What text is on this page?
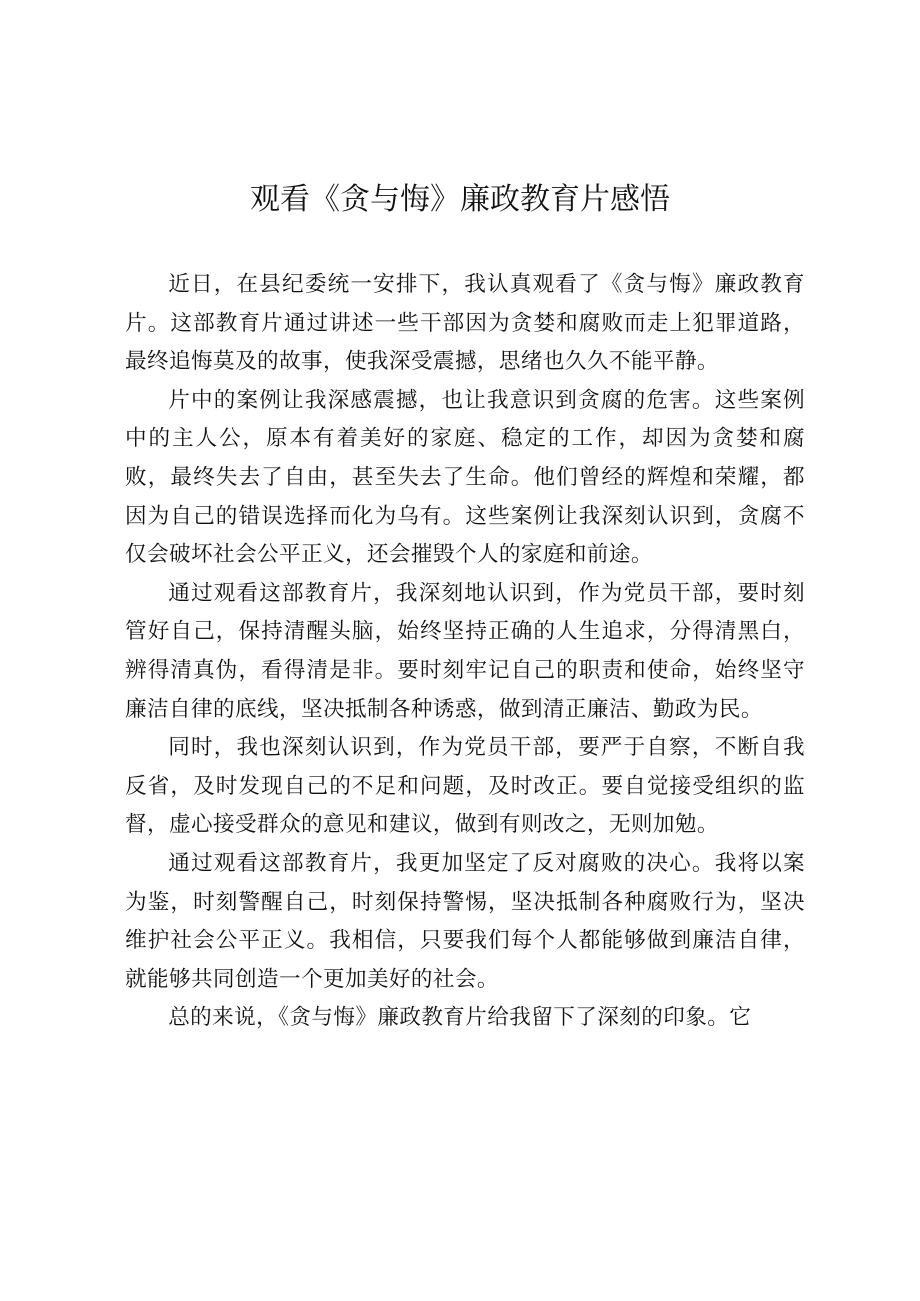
观看《贪与悔》廉政教育片感悟

近日，在县纪委统一安排下，我认真观看了《贪与悔》廉政教育片。这部教育片通过讲述一些干部因为贪婪和腐败而走上犯罪道路，最终追悔莫及的故事，使我深受震撼，思绪也久久不能平静。

片中的案例让我深感震撼，也让我意识到贪腐的危害。这些案例中的主人公，原本有着美好的家庭、稳定的工作，却因为贪婪和腐败，最终失去了自由，甚至失去了生命。他们曾经的辉煌和荣耀，都因为自己的错误选择而化为乌有。这些案例让我深刻认识到，贪腐不仅会破坏社会公平正义，还会摧毁个人的家庭和前途。

通过观看这部教育片，我深刻地认识到，作为党员干部，要时刻管好自己，保持清醒头脑，始终坚持正确的人生追求，分得清黑白，辨得清真伪，看得清是非。要时刻牢记自己的职责和使命，始终坚守廉洁自律的底线，坚决抵制各种诱惑，做到清正廉洁、勤政为民。

同时，我也深刻认识到，作为党员干部，要严于自察，不断自我反省，及时发现自己的不足和问题，及时改正。要自觉接受组织的监督，虚心接受群众的意见和建议，做到有则改之，无则加勉。

通过观看这部教育片，我更加坚定了反对腐败的决心。我将以案为鉴，时刻警醒自己，时刻保持警惕，坚决抵制各种腐败行为，坚决维护社会公平正义。我相信，只要我们每个人都能够做到廉洁自律，就能够共同创造一个更加美好的社会。

总的来说，《贪与悔》廉政教育片给我留下了深刻的印象。它
